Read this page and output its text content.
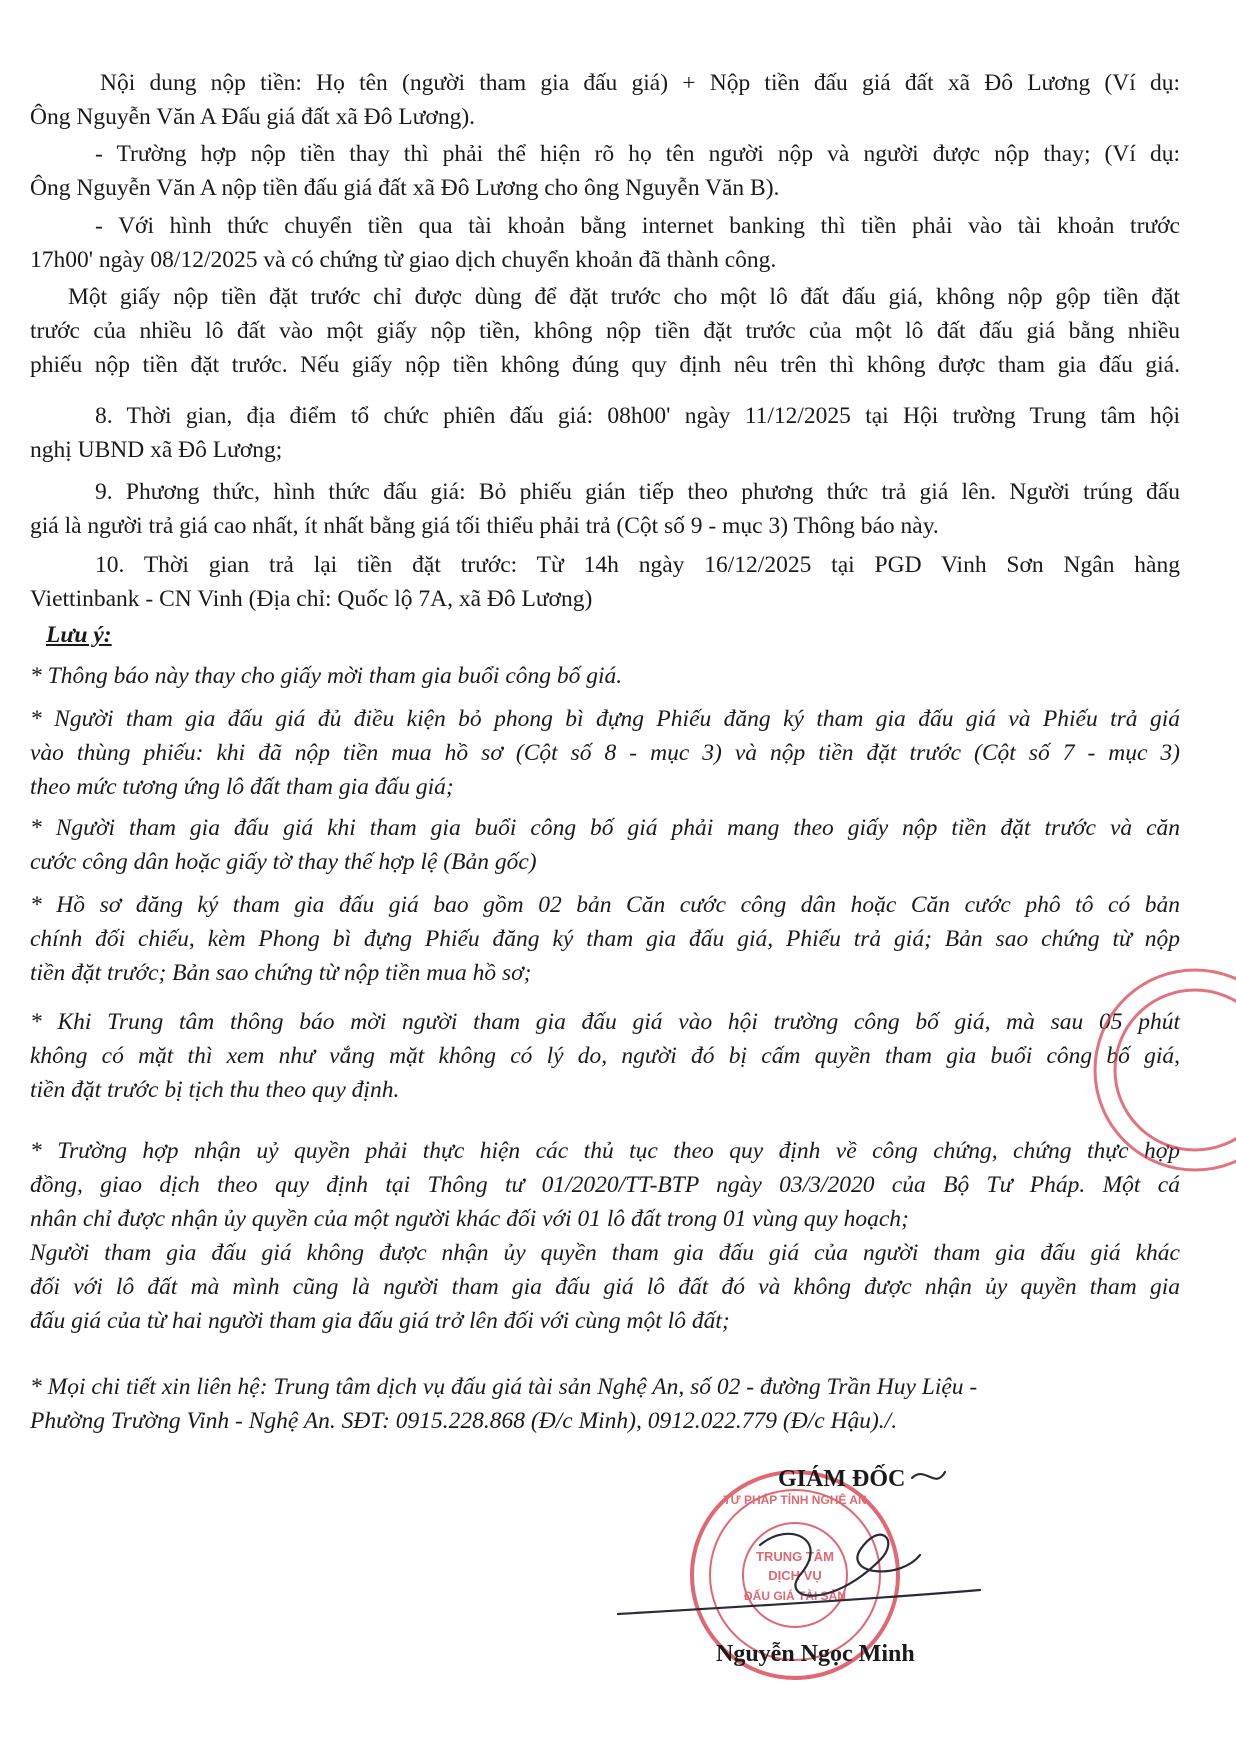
Nội dung nộp tiền: Họ tên (người tham gia đấu giá) + Nộp tiền đấu giá đất xã Đô Lương (Ví dụ:
Ông Nguyễn Văn A Đấu giá đất xã Đô Lương).
- Trường hợp nộp tiền thay thì phải thể hiện rõ họ tên người nộp và người được nộp thay; (Ví dụ:
Ông Nguyễn Văn A nộp tiền đấu giá đất xã Đô Lương cho ông Nguyễn Văn B).
- Với hình thức chuyển tiền qua tài khoản bằng internet banking thì tiền phải vào tài khoản trước
17h00' ngày 08/12/2025 và có chứng từ giao dịch chuyển khoản đã thành công.
Một giấy nộp tiền đặt trước chỉ được dùng để đặt trước cho một lô đất đấu giá, không nộp gộp tiền đặt
trước của nhiều lô đất vào một giấy nộp tiền, không nộp tiền đặt trước của một lô đất đấu giá bằng nhiều
phiếu nộp tiền đặt trước. Nếu giấy nộp tiền không đúng quy định nêu trên thì không được tham gia đấu giá.
8. Thời gian, địa điểm tổ chức phiên đấu giá: 08h00' ngày 11/12/2025 tại Hội trường Trung tâm hội
nghị UBND xã Đô Lương;
9. Phương thức, hình thức đấu giá: Bỏ phiếu gián tiếp theo phương thức trả giá lên. Người trúng đấu
giá là người trả giá cao nhất, ít nhất bằng giá tối thiểu phải trả (Cột số 9 - mục 3) Thông báo này.
10. Thời gian trả lại tiền đặt trước: Từ 14h ngày 16/12/2025 tại PGD Vinh Sơn Ngân hàng
Viettinbank - CN Vinh (Địa chỉ: Quốc lộ 7A, xã Đô Lương)
Lưu ý:
* Thông báo này thay cho giấy mời tham gia buổi công bố giá.
* Người tham gia đấu giá đủ điều kiện bỏ phong bì đựng Phiếu đăng ký tham gia đấu giá và Phiếu trả giá
vào thùng phiếu: khi đã nộp tiền mua hồ sơ (Cột số 8 - mục 3) và nộp tiền đặt trước (Cột số 7 - mục 3)
theo mức tương ứng lô đất tham gia đấu giá;
* Người tham gia đấu giá khi tham gia buổi công bố giá phải mang theo giấy nộp tiền đặt trước và căn
cước công dân hoặc giấy tờ thay thế hợp lệ (Bản gốc)
* Hồ sơ đăng ký tham gia đấu giá bao gồm 02 bản Căn cước công dân hoặc Căn cước phô tô có bản
chính đối chiếu, kèm Phong bì đựng Phiếu đăng ký tham gia đấu giá, Phiếu trả giá; Bản sao chứng từ nộp
tiền đặt trước; Bản sao chứng từ nộp tiền mua hồ sơ;
* Khi Trung tâm thông báo mời người tham gia đấu giá vào hội trường công bố giá, mà sau 05 phút
không có mặt thì xem như vắng mặt không có lý do, người đó bị cấm quyền tham gia buổi công bố giá,
tiền đặt trước bị tịch thu theo quy định.
* Trường hợp nhận uỷ quyền phải thực hiện các thủ tục theo quy định về công chứng, chứng thực hợp
đồng, giao dịch theo quy định tại Thông tư 01/2020/TT-BTP ngày 03/3/2020 của Bộ Tư Pháp. Một cá
nhân chỉ được nhận ủy quyền của một người khác đối với 01 lô đất trong 01 vùng quy hoạch;
Người tham gia đấu giá không được nhận ủy quyền tham gia đấu giá của người tham gia đấu giá khác
đối với lô đất mà mình cũng là người tham gia đấu giá lô đất đó và không được nhận ủy quyền tham gia
đấu giá của từ hai người tham gia đấu giá trở lên đối với cùng một lô đất;
* Mọi chi tiết xin liên hệ: Trung tâm dịch vụ đấu giá tài sản Nghệ An, số 02 - đường Trần Huy Liệu -
Phường Trường Vinh - Nghệ An. SĐT: 0915.228.868 (Đ/c Minh), 0912.022.779 (Đ/c Hậu)./.
TRUNG TÂM
DỊCH VỤ
ĐẤU GIÁ TÀI SẢN
TƯ PHÁP TỈNH NGHỆ AN
GIÁM ĐỐC
Nguyễn Ngọc Minh
